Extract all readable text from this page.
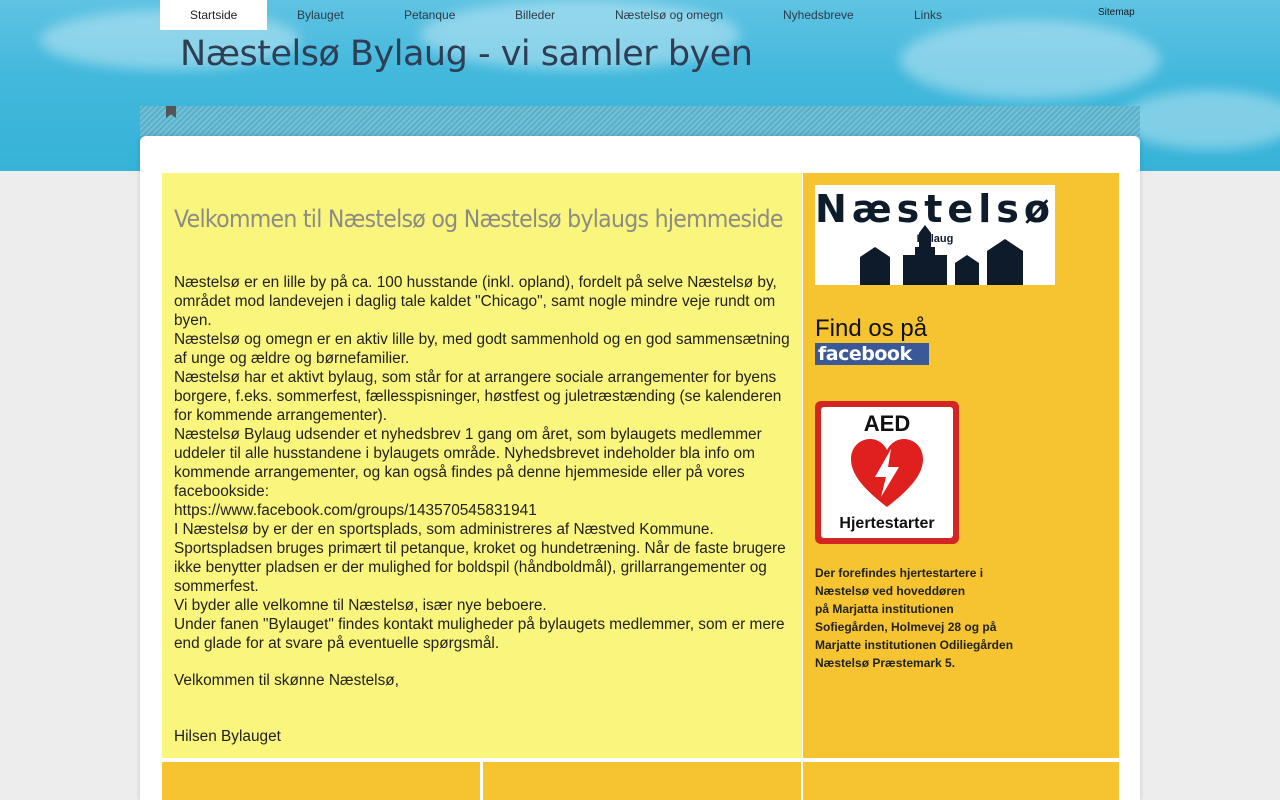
Sitemap
Næstelsø Bylaug - vi samler byen
Startside	Bylauget	Petanque	Billeder	Næstelsø og omegn	Nyhedsbreve	Links
Velkommen til Næstelsø og Næstelsø bylaugs hjemmeside

Næstelsø er en lille by på ca. 100 husstande (inkl. opland), fordelt på selve Næstelsø by, området mod landevejen i daglig tale kaldet "Chicago", samt nogle mindre veje rundt om byen.

Næstelsø og omegn er en aktiv lille by, med godt sammenhold og en god sammensætning af unge og ældre og børnefamilier.

Næstelsø har et aktivt bylaug, som står for at arrangere sociale arrangementer for byens borgere, f.eks. sommerfest, fællesspisninger, høstfest og juletræstænding (se kalenderen for kommende arrangementer).

Næstelsø Bylaug udsender et nyhedsbrev 1 gang om året, som bylaugets medlemmer uddeler til alle husstandene i bylaugets område. Nyhedsbrevet indeholder bla info om kommende arrangementer, og kan også findes på denne hjemmeside eller på vores facebookside:

https://www.facebook.com/groups/143570545831941

I Næstelsø by er der en sportsplads, som administreres af Næstved Kommune. Sportspladsen bruges primært til petanque, kroket og hundetræning. Når de faste brugere ikke benytter pladsen er der mulighed for boldspil (håndboldmål), grillarrangementer og sommerfest.

Vi byder alle velkomne til Næstelsø, især nye beboere.

Under fanen "Bylauget" findes kontakt muligheder på bylaugets medlemmer, som er mere end glade for at svare på eventuelle spørgsmål.

Velkommen til skønne Næstelsø,

Hilsen Bylauget

Næstelsø
Bylaug
Find os på
facebook
AED
Hjertestarter

Der forefindes hjertestartere i

Næstelsø ved hoveddøren

på Marjatta institutionen

Sofiegården, Holmevej 28 og på

Marjatte institutionen Odiliegården

Næstelsø Præstemark 5.
